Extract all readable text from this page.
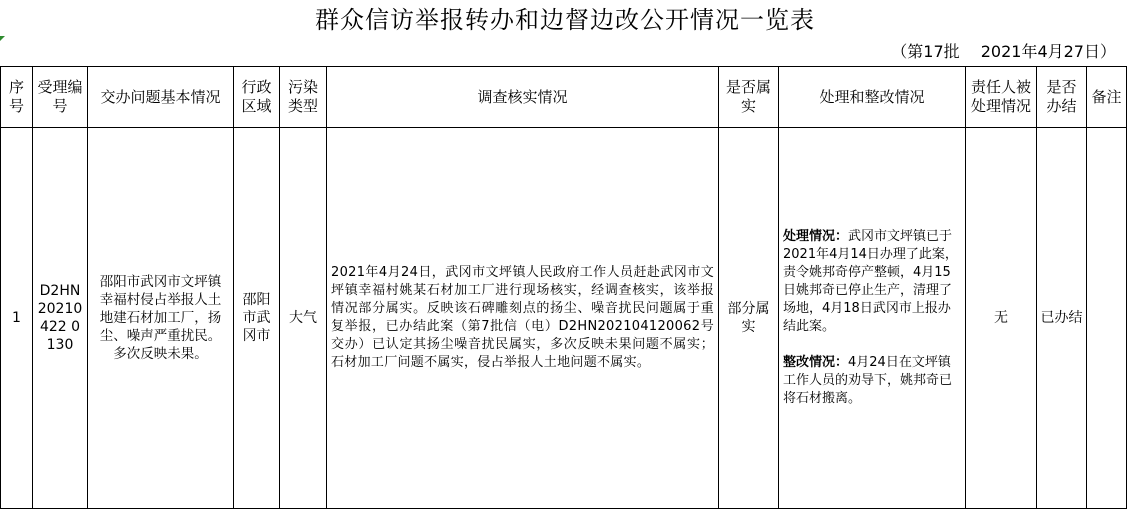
群众信访举报转办和边督边改公开情况一览表
（第17批　 2021年4月27日）
序号	受理编号	交办问题基本情况	行政区域	污染类型	调查核实情况	是否属实	处理和整改情况	责任人被处理情况	是否办结	备注

1	D2HN20210422 0130	邵阳市武冈市文坪镇幸福村侵占举报人土地建石材加工厂，扬尘、噪声严重扰民。多次反映未果。	邵阳市武冈市	大气	2021年4月24日，武冈市文坪镇人民政府工作人员赶赴武冈市文坪镇幸福村姚某石材加工厂进行现场核实，经调查核实，该举报情况部分属实。反映该石碑雕刻点的扬尘、噪音扰民问题属于重复举报，已办结此案（第7批信（电）D2HN202104120062号交办）已认定其扬尘噪音扰民属实，多次反映未果问题不属实；石材加工厂问题不属实，侵占举报人土地问题不属实。	部分属实	处理情况：武冈市文坪镇已于2021年4月14日办理了此案，责令姚邦奇停产整顿，4月15日姚邦奇已停止生产，清理了场地，4月18日武冈市上报办结此案。

整改情况：4月24日在文坪镇工作人员的劝导下，姚邦奇已将石材搬离。	无	已办结	
